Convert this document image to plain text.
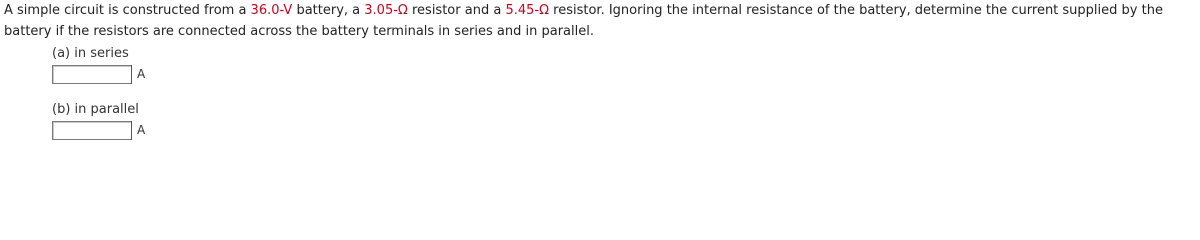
A simple circuit is constructed from a 36.0-V battery, a 3.05-Ω resistor and a 5.45-Ω resistor. Ignoring the internal resistance of the battery, determine the current supplied by the battery if the resistors are connected across the battery terminals in series and in parallel.

(a) in series
A
(b) in parallel
A
